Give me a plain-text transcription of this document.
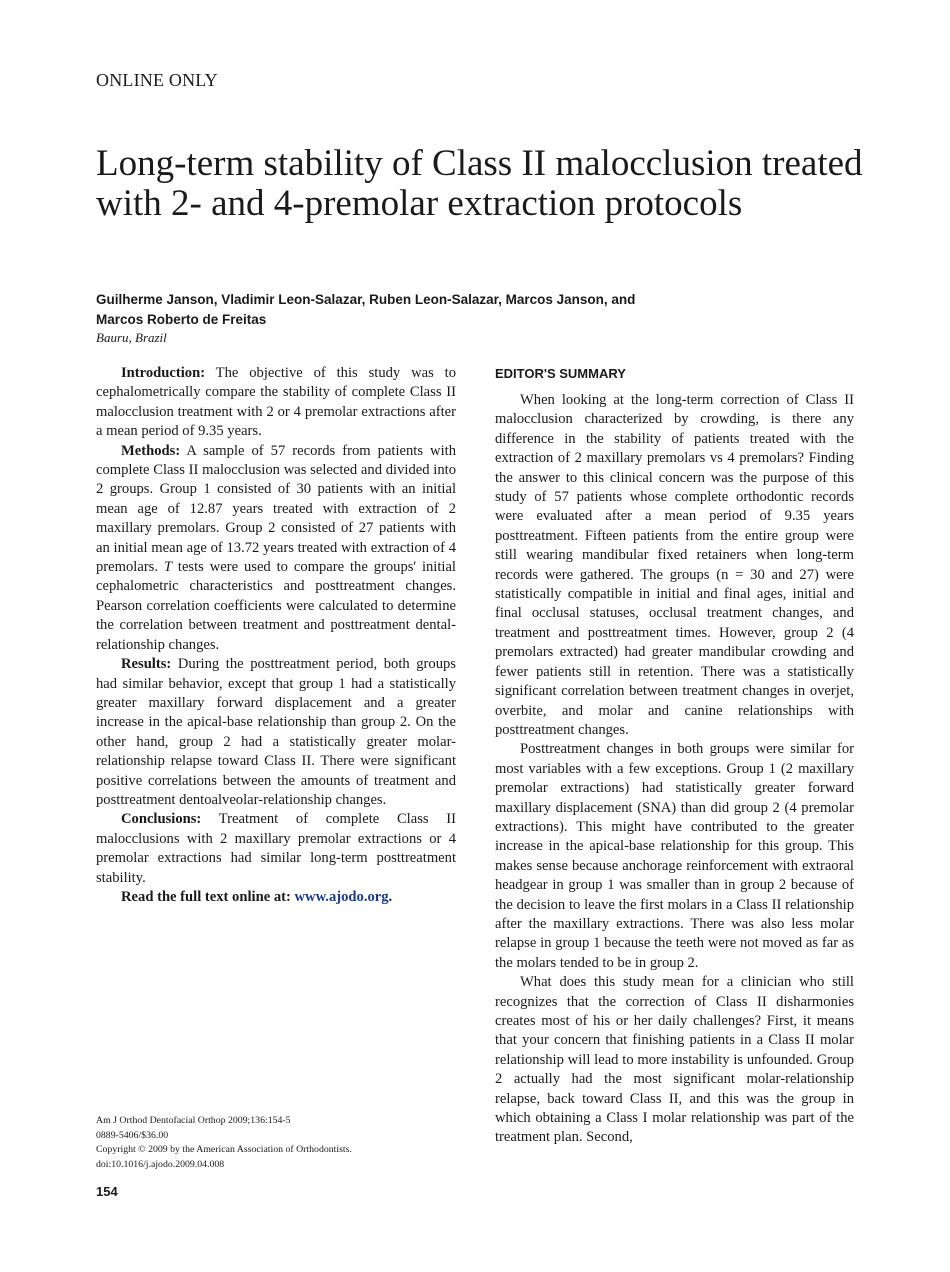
ONLINE ONLY
Long-term stability of Class II malocclusion treated with 2- and 4-premolar extraction protocols
Guilherme Janson, Vladimir Leon-Salazar, Ruben Leon-Salazar, Marcos Janson, and
Marcos Roberto de Freitas
Bauru, Brazil

Introduction: The objective of this study was to cephalometrically compare the stability of complete Class II malocclusion treatment with 2 or 4 premolar extractions after a mean period of 9.35 years.

Methods: A sample of 57 records from patients with complete Class II malocclusion was selected and divided into 2 groups. Group 1 consisted of 30 patients with an initial mean age of 12.87 years treated with extraction of 2 maxillary premolars. Group 2 consisted of 27 patients with an initial mean age of 13.72 years treated with extraction of 4 premolars. T tests were used to compare the groups' initial cephalometric characteristics and posttreatment changes. Pearson correlation coefficients were calculated to determine the correlation between treatment and posttreatment dental-relationship changes.

Results: During the posttreatment period, both groups had similar behavior, except that group 1 had a statistically greater maxillary forward displacement and a greater increase in the apical-base relationship than group 2. On the other hand, group 2 had a statistically greater molar-relationship relapse toward Class II. There were significant positive correlations between the amounts of treatment and posttreatment dentoalveolar-relationship changes.

Conclusions: Treatment of complete Class II malocclusions with 2 maxillary premolar extractions or 4 premolar extractions had similar long-term posttreatment stability.

Read the full text online at: www.ajodo.org.

EDITOR'S SUMMARY

When looking at the long-term correction of Class II malocclusion characterized by crowding, is there any difference in the stability of patients treated with the extraction of 2 maxillary premolars vs 4 premolars? Finding the answer to this clinical concern was the purpose of this study of 57 patients whose complete orthodontic records were evaluated after a mean period of 9.35 years posttreatment. Fifteen patients from the entire group were still wearing mandibular fixed retainers when long-term records were gathered. The groups (n = 30 and 27) were statistically compatible in initial and final ages, initial and final occlusal statuses, occlusal treatment changes, and treatment and posttreatment times. However, group 2 (4 premolars extracted) had greater mandibular crowding and fewer patients still in retention. There was a statistically significant correlation between treatment changes in overjet, overbite, and molar and canine relationships with posttreatment changes.

Posttreatment changes in both groups were similar for most variables with a few exceptions. Group 1 (2 maxillary premolar extractions) had statistically greater forward maxillary displacement (SNA) than did group 2 (4 premolar extractions). This might have contributed to the greater increase in the apical-base relationship for this group. This makes sense because anchorage reinforcement with extraoral headgear in group 1 was smaller than in group 2 because of the decision to leave the first molars in a Class II relationship after the maxillary extractions. There was also less molar relapse in group 1 because the teeth were not moved as far as the molars tended to be in group 2.

What does this study mean for a clinician who still recognizes that the correction of Class II disharmonies creates most of his or her daily challenges? First, it means that your concern that finishing patients in a Class II molar relationship will lead to more instability is unfounded. Group 2 actually had the most significant molar-relationship relapse, back toward Class II, and this was the group in which obtaining a Class I molar relationship was part of the treatment plan. Second,

Am J Orthod Dentofacial Orthop 2009;136:154-5
0889-5406/$36.00
Copyright © 2009 by the American Association of Orthodontists.
doi:10.1016/j.ajodo.2009.04.008
154
